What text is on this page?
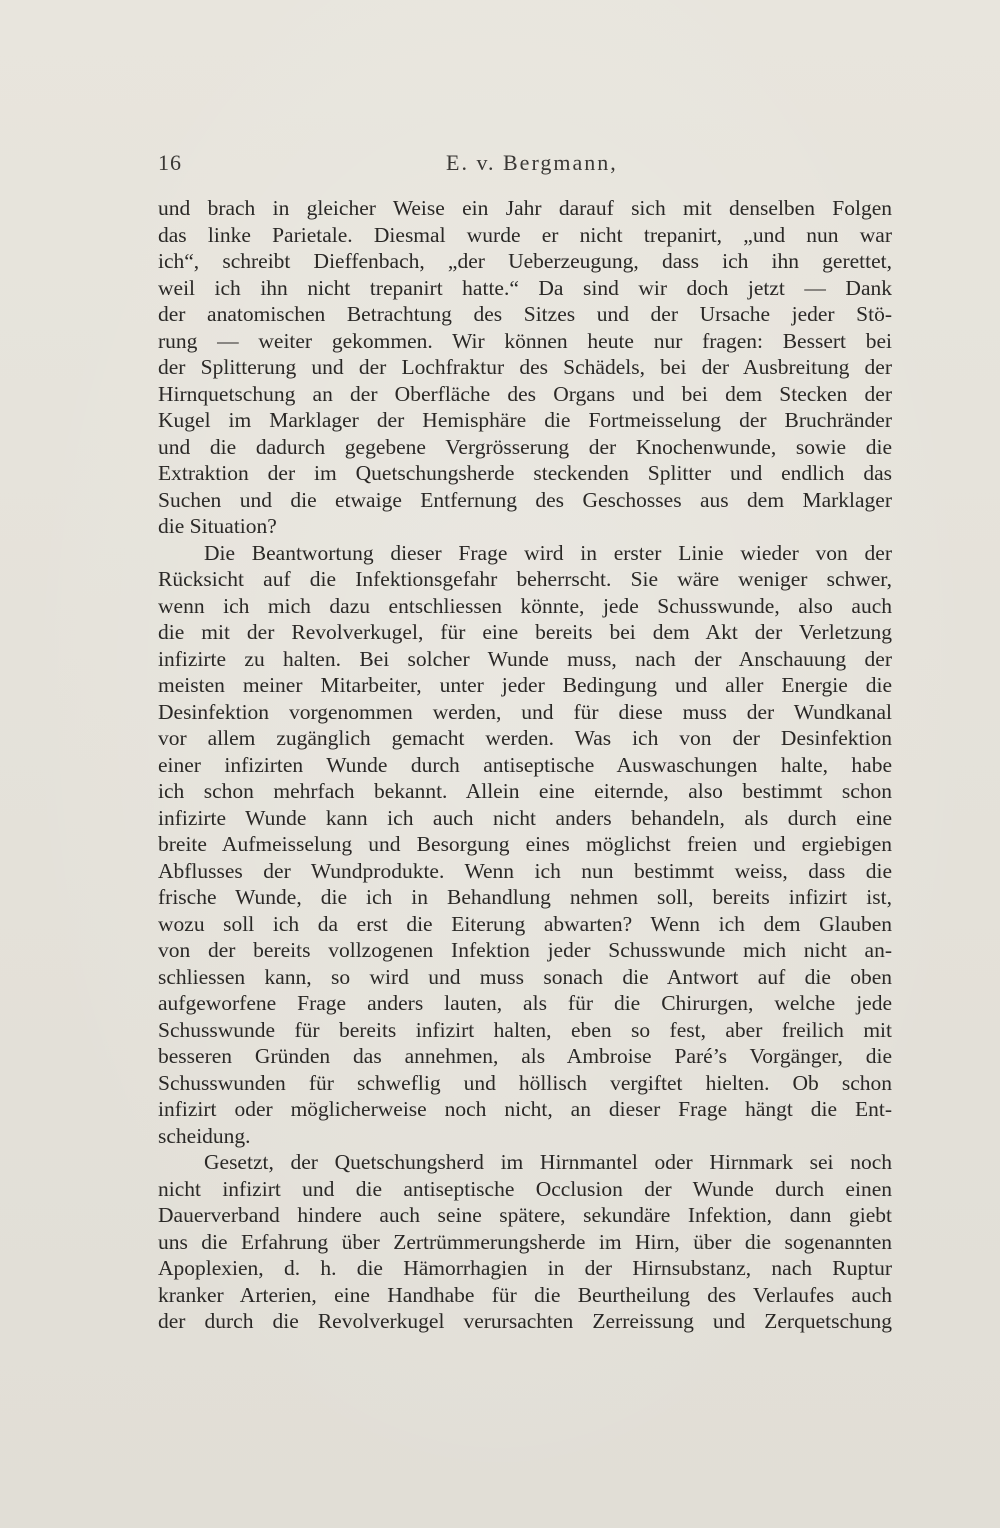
16	E. v. Bergmann,
und brach in gleicher Weise ein Jahr darauf sich mit denselben Folgen
das linke Parietale. Diesmal wurde er nicht trepanirt, „und nun war
ich“, schreibt Dieffenbach, „der Ueberzeugung, dass ich ihn gerettet,
weil ich ihn nicht trepanirt hatte.“ Da sind wir doch jetzt — Dank
der anatomischen Betrachtung des Sitzes und der Ursache jeder Stö-
rung — weiter gekommen. Wir können heute nur fragen: Bessert bei
der Splitterung und der Lochfraktur des Schädels, bei der Ausbreitung der
Hirnquetschung an der Oberfläche des Organs und bei dem Stecken der
Kugel im Marklager der Hemisphäre die Fortmeisselung der Bruchränder
und die dadurch gegebene Vergrösserung der Knochenwunde, sowie die
Extraktion der im Quetschungsherde steckenden Splitter und endlich das
Suchen und die etwaige Entfernung des Geschosses aus dem Marklager
die Situation?
Die Beantwortung dieser Frage wird in erster Linie wieder von der
Rücksicht auf die Infektionsgefahr beherrscht. Sie wäre weniger schwer,
wenn ich mich dazu entschliessen könnte, jede Schusswunde, also auch
die mit der Revolverkugel, für eine bereits bei dem Akt der Verletzung
infizirte zu halten. Bei solcher Wunde muss, nach der Anschauung der
meisten meiner Mitarbeiter, unter jeder Bedingung und aller Energie die
Desinfektion vorgenommen werden, und für diese muss der Wundkanal
vor allem zugänglich gemacht werden. Was ich von der Desinfektion
einer infizirten Wunde durch antiseptische Auswaschungen halte, habe
ich schon mehrfach bekannt. Allein eine eiternde, also bestimmt schon
infizirte Wunde kann ich auch nicht anders behandeln, als durch eine
breite Aufmeisselung und Besorgung eines möglichst freien und ergiebigen
Abflusses der Wundprodukte. Wenn ich nun bestimmt weiss, dass die
frische Wunde, die ich in Behandlung nehmen soll, bereits infizirt ist,
wozu soll ich da erst die Eiterung abwarten? Wenn ich dem Glauben
von der bereits vollzogenen Infektion jeder Schusswunde mich nicht an-
schliessen kann, so wird und muss sonach die Antwort auf die oben
aufgeworfene Frage anders lauten, als für die Chirurgen, welche jede
Schusswunde für bereits infizirt halten, eben so fest, aber freilich mit
besseren Gründen das annehmen, als Ambroise Paré’s Vorgänger, die
Schusswunden für schweflig und höllisch vergiftet hielten. Ob schon
infizirt oder möglicherweise noch nicht, an dieser Frage hängt die Ent-
scheidung.
Gesetzt, der Quetschungsherd im Hirnmantel oder Hirnmark sei noch
nicht infizirt und die antiseptische Occlusion der Wunde durch einen
Dauerverband hindere auch seine spätere, sekundäre Infektion, dann giebt
uns die Erfahrung über Zertrümmerungsherde im Hirn, über die sogenannten
Apoplexien, d. h. die Hämorrhagien in der Hirnsubstanz, nach Ruptur
kranker Arterien, eine Handhabe für die Beurtheilung des Verlaufes auch
der durch die Revolverkugel verursachten Zerreissung und Zerquetschung
